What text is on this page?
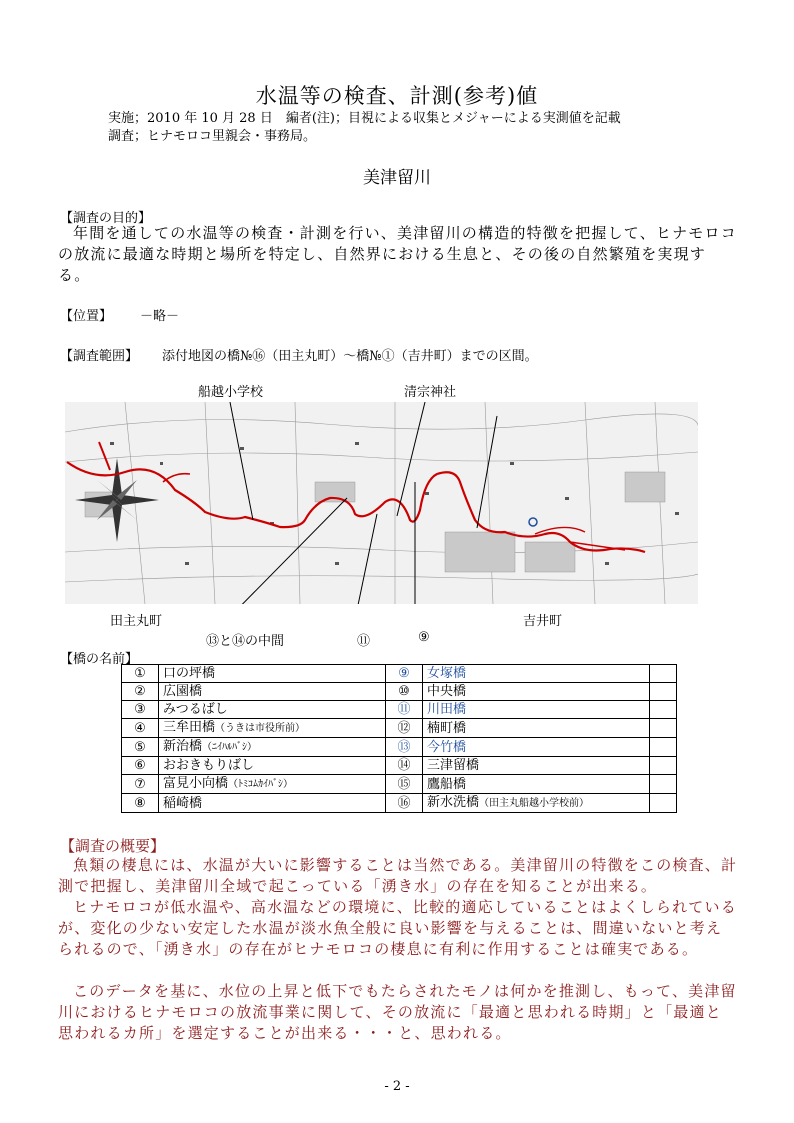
水温等の検査、計測(参考)値
実施；2010 年 10 月 28 日　編者(注)；目視による収集とメジャーによる実測値を記載
調査；ヒナモロコ里親会・事務局。
美津留川
【調査の目的】
年間を通しての水温等の検査・計測を行い、美津留川の構造的特徴を把握して、ヒナモロコの放流に最適な時期と場所を特定し、自然界における生息と、その後の自然繁殖を実現する。
【位置】 －略－
【調査範囲】 添付地図の橋№⑯（田主丸町）～橋№①（吉井町）までの区間。
船越小学校	清宗神社
田主丸町	吉井町
⑬と⑭の中間	⑪	⑨
【橋の名前】
①	口の坪橋	⑨	女塚橋	
②	広園橋	⑩	中央橋	
③	みつるばし	⑪	川田橋	
④	三牟田橋（うきは市役所前）	⑫	楠町橋	
⑤	新治橋（ﾆｲﾊﾙﾊﾞｼ）	⑬	今竹橋	
⑥	おおきもりばし	⑭	三津留橋	
⑦	富見小向橋（ﾄﾐｺﾑｶｲﾊﾞｼ）	⑮	鷹船橋	
⑧	稲崎橋	⑯	新水洗橋（田主丸船越小学校前）	
【調査の概要】
魚類の棲息には、水温が大いに影響することは当然である。美津留川の特徴をこの検査、計測で把握し、美津留川全域で起こっている「湧き水」の存在を知ることが出来る。
ヒナモロコが低水温や、高水温などの環境に、比較的適応していることはよくしられているが、変化の少ない安定した水温が淡水魚全般に良い影響を与えることは、間違いないと考えられるので、「湧き水」の存在がヒナモロコの棲息に有利に作用することは確実である。
このデータを基に、水位の上昇と低下でもたらされたモノは何かを推測し、もって、美津留川におけるヒナモロコの放流事業に関して、その放流に「最適と思われる時期」と「最適と思われるカ所」を選定することが出来る・・・と、思われる。
- 2 -
